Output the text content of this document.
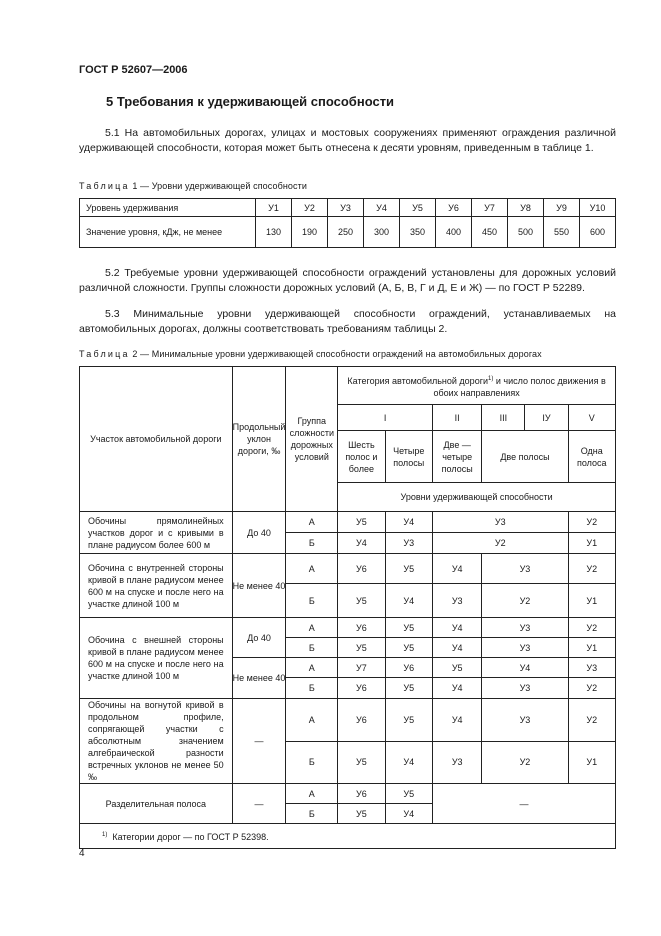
ГОСТ Р 52607—2006
5 Требования к удерживающей способности
5.1 На автомобильных дорогах, улицах и мостовых сооружениях применяют ограждения различной удерживающей способности, которая может быть отнесена к десяти уровням, приведенным в таблице 1.
Таблица 1 — Уровни удерживающей способности
Уровень удерживания	У1	У2	У3	У4	У5	У6	У7	У8	У9	У10
Значение уровня, кДж, не менее	130	190	250	300	350	400	450	500	550	600
5.2 Требуемые уровни удерживающей способности ограждений установлены для дорожных условий различной сложности. Группы сложности дорожных условий (А, Б, В, Г и Д, Е и Ж) — по ГОСТ Р 52289.
5.3 Минимальные уровни удерживающей способности ограждений, устанавливаемых на автомобильных дорогах, должны соответствовать требованиям таблицы 2.
Таблица 2 — Минимальные уровни удерживающей способности ограждений на автомобильных дорогах
Участок автомобильной дороги	Продольный уклон дороги, ‰	Группа сложности дорожных условий	Категория автомобильной дороги$^{1)}$ и число полос движения в обоих направлениях					
			I		II	III	IУ	V
			Шесть полос и более	Четыре полосы	Две — четыре полосы	Две полосы		Одна полоса
			Уровни удерживающей способности					
Обочины прямолинейных участков дорог и с кривыми в плане радиусом более 600 м	До 40	А	У5	У4	У3			У2
		Б	У4	У3	У2			У1
Обочина с внутренней стороны кривой в плане радиусом менее 600 м на спуске и после него на участке длиной 100 м	Не менее 40	А	У6	У5	У4	У3		У2
		Б	У5	У4	У3	У2		У1
Обочина с внешней стороны кривой в плане радиусом менее 600 м на спуске и после него на участке длиной 100 м	До 40	А	У6	У5	У4	У3		У2
		Б	У5	У5	У4	У3		У1
	Не менее 40	А	У7	У6	У5	У4		У3
		Б	У6	У5	У4	У3		У2
Обочины на вогнутой кривой в продольном профиле, сопрягающей участки с абсолютным значением алгебраической разности встречных уклонов не менее 50 ‰	—	А	У6	У5	У4	У3		У2
		Б	У5	У4	У3	У2		У1
Разделительная полоса	—	А	У6	У5	—			
		Б	У5	У4				
$^{1)}$ Категории дорог — по ГОСТ Р 52398.								
4
